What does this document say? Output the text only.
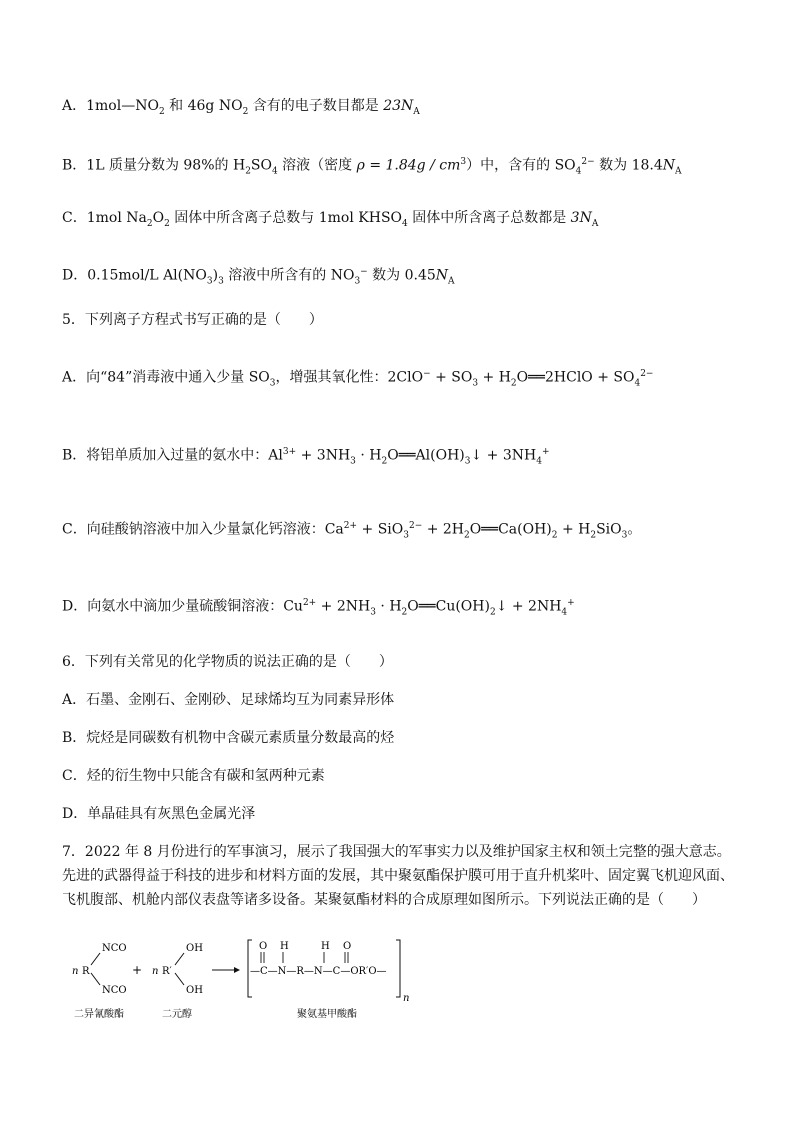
A．$1mol—NO_2$ 和 46g $NO_2$ 含有的电子数目都是 $23N_A$
B．1L 质量分数为 98%的 $H_2SO_4$ 溶液（密度 $\rho = 1.84g / cm^3$）中，含有的 $SO_4^{2-}$ 数为 $18.4N_A$
C．1mol $Na_2O_2$ 固体中所含离子总数与 1mol $KHSO_4$ 固体中所含离子总数都是 $3N_A$
D．0.15mol/L $Al(NO_3)_3$ 溶液中所含有的 $NO_3^-$ 数为 $0.45N_A$
5．下列离子方程式书写正确的是（　　）
A．向“84”消毒液中通入少量 $SO_3$，增强其氧化性：$2ClO^- + SO_3$ + $H_2O══2HClO + SO_4^{2-}$
B．将铝单质加入过量的氨水中：$Al^{3+} + 3NH_3$ · $H_2O══Al(OH)_3↓ + 3NH_4^+$
C．向硅酸钠溶液中加入少量氯化钙溶液：$Ca^{2+} + SiO_3^{2-}$ + $2H_2O══Ca(OH)_2 + H_2SiO_3$。
D．向氨水中滴加少量硫酸铜溶液：$Cu^{2+} + 2NH_3$ · $H_2O══Cu(OH)_2↓ + 2NH_4^+$
6．下列有关常见的化学物质的说法正确的是（　　）
A．石墨、金刚石、金刚砂、足球烯均互为同素异形体
B．烷烃是同碳数有机物中含碳元素质量分数最高的烃
C．烃的衍生物中只能含有碳和氢两种元素
D．单晶硅具有灰黑色金属光泽
7．2022 年 8 月份进行的军事演习，展示了我国强大的军事实力以及维护国家主权和领土完整的强大意志。先进的武器得益于科技的进步和材料方面的发展，其中聚氨酯保护膜可用于直升机桨叶、固定翼飞机迎风面、飞机腹部、机舱内部仪表盘等诸多设备。某聚氨酯材料的合成原理如图所示。下列说法正确的是（　　）
n R
NCO
NCO
+ n R′
OH
OH
n
O H	H O
—C—N—R—N—C—OR′O—
二异氰酸酯	二元醇	聚氨基甲酸酯
